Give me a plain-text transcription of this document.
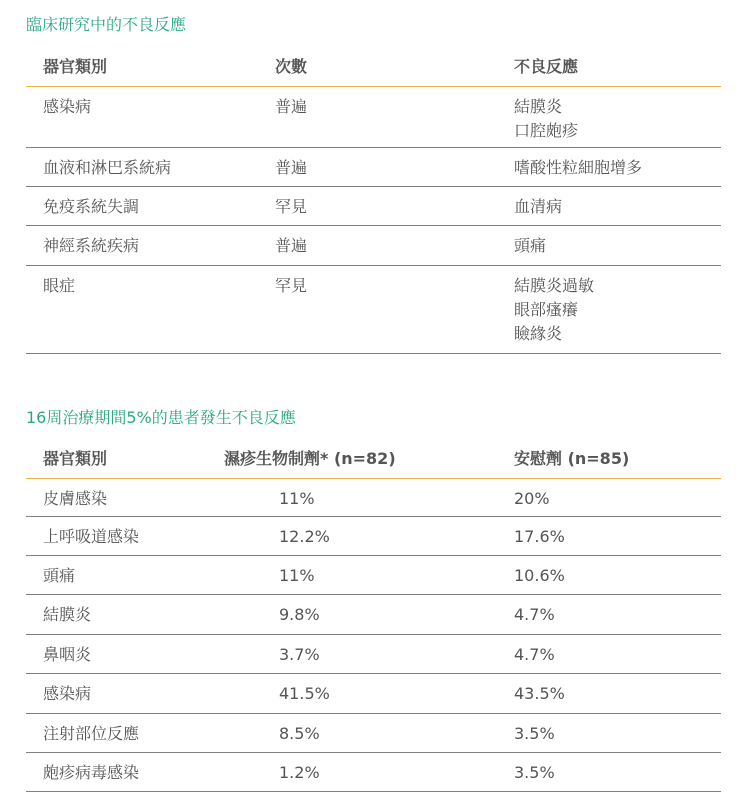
臨床研究中的不良反應
器官類別	次數	不良反應
感染病	普遍	結膜炎
口腔皰疹
血液和淋巴系統病	普遍	嗜酸性粒細胞增多
免疫系統失調	罕見	血清病
神經系統疾病	普遍	頭痛
眼症	罕見	結膜炎過敏
眼部瘙癢
瞼緣炎
16周治療期間5%的患者發生不良反應
器官類別	濕疹生物制劑* (n=82)	安慰劑 (n=85)
皮膚感染	11%	20%
上呼吸道感染	12.2%	17.6%
頭痛	11%	10.6%
結膜炎	9.8%	4.7%
鼻咽炎	3.7%	4.7%
感染病	41.5%	43.5%
注射部位反應	8.5%	3.5%
皰疹病毒感染	1.2%	3.5%
